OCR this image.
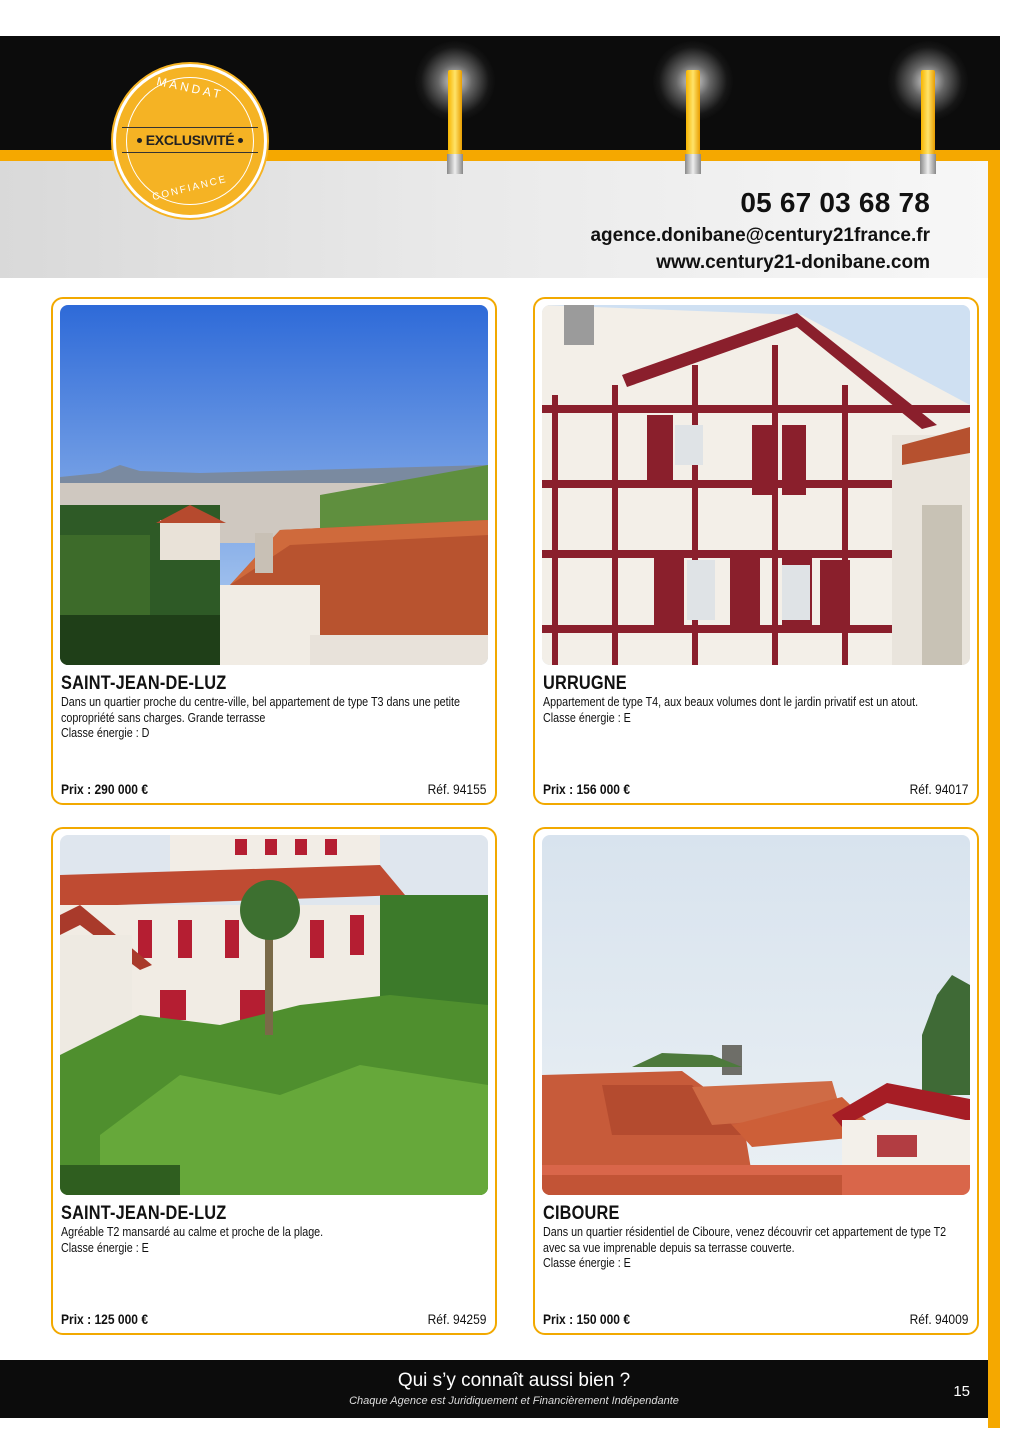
MANDAT
EXCLUSIVITÉ
CONFIANCE	05 67 03 68 78
agence.donibane@century21france.fr
www.century21-donibane.com
SAINT-JEAN-DE-LUZ

Dans un quartier proche du centre-ville, bel appartement de type T3 dans une petite

copropriété sans charges. Grande terrasse

Classe énergie : D

Prix : 290 000 €	Réf. 94155
URRUGNE

Appartement de type T4, aux beaux volumes dont le jardin privatif est un atout.

Classe énergie : E

Prix : 156 000 €	Réf. 94017
SAINT-JEAN-DE-LUZ

Agréable T2 mansardé au calme et proche de la plage.

Classe énergie : E

Prix : 125 000 €	Réf. 94259
CIBOURE

Dans un quartier résidentiel de Ciboure, venez découvrir cet appartement de type T2

avec sa vue imprenable depuis sa terrasse couverte.

Classe énergie : E

Prix : 150 000 €	Réf. 94009
Qui s’y connaît aussi bien ?
Chaque Agence est Juridiquement et Financièrement Indépendante
15
